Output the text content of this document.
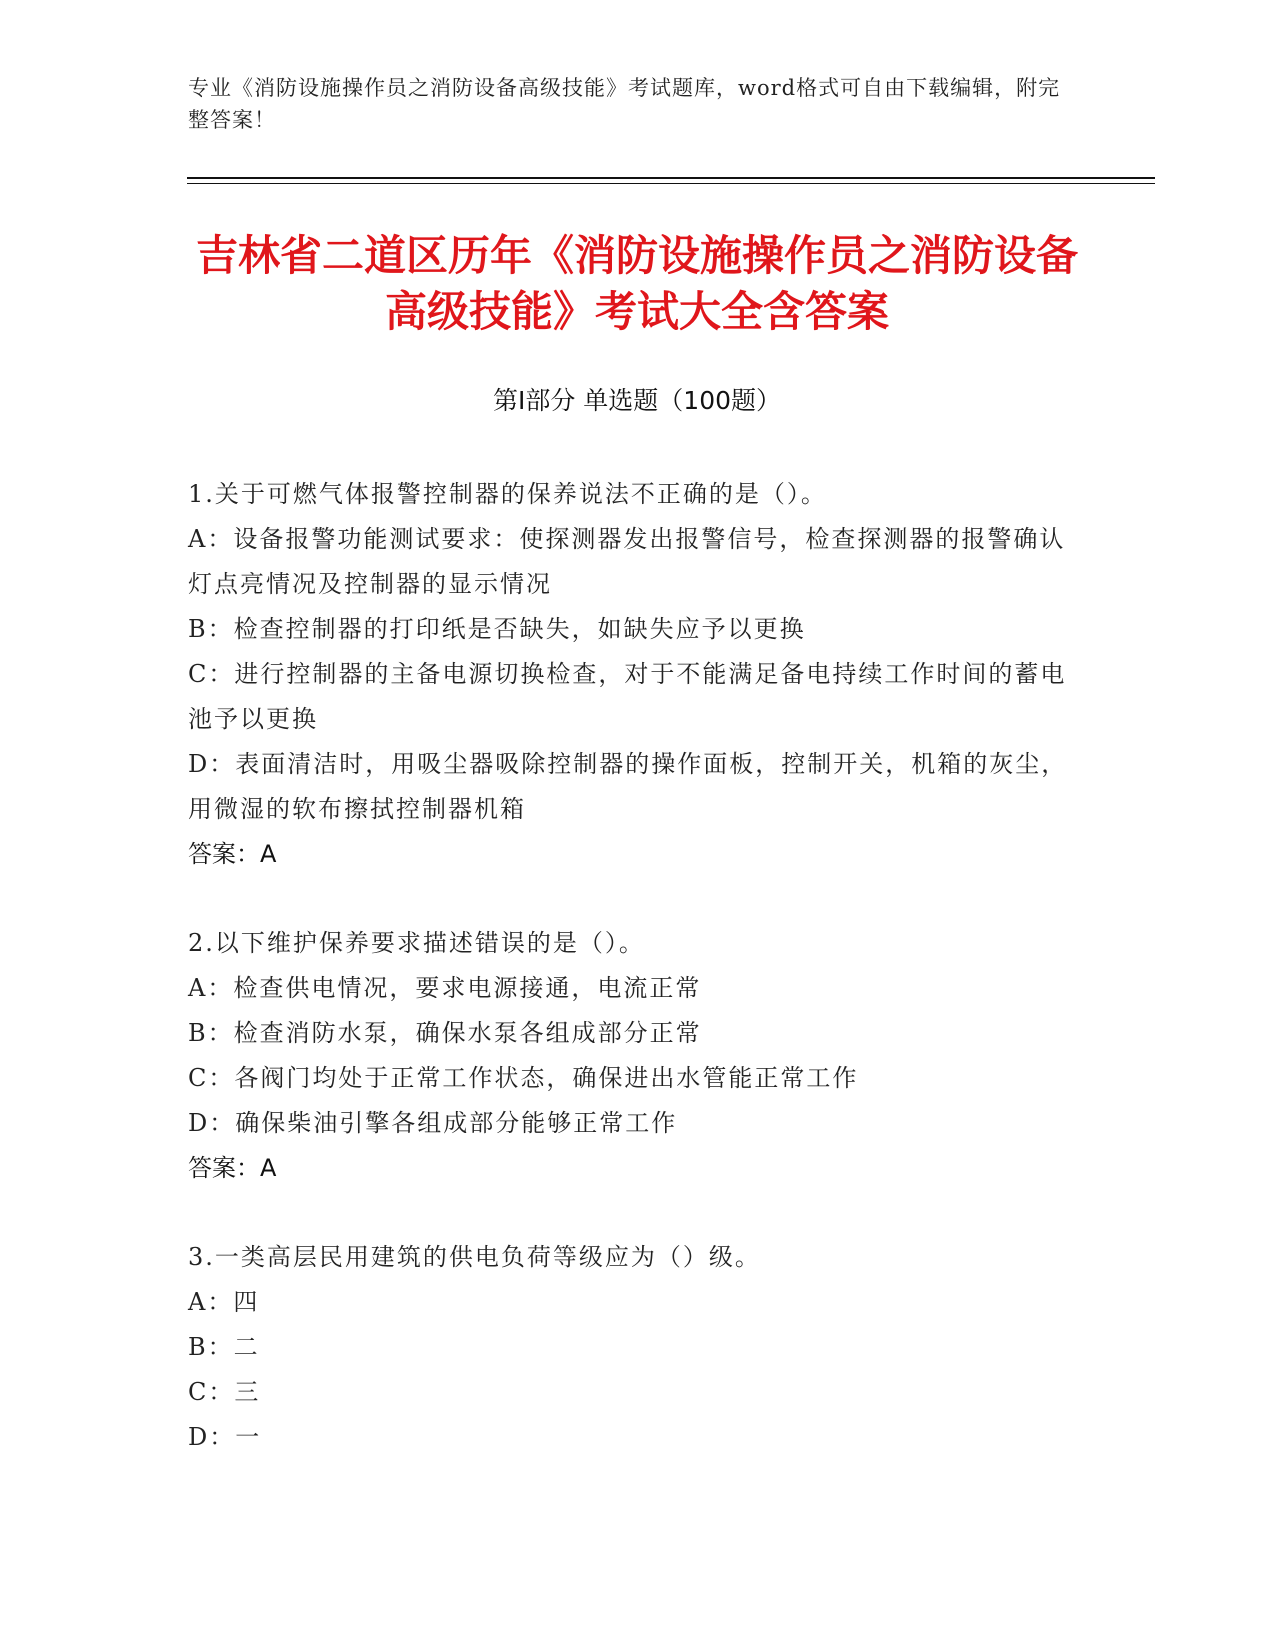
专业《消防设施操作员之消防设备高级技能》考试题库，word格式可自由下载编辑，附完整答案！
吉林省二道区历年《消防设施操作员之消防设备高级技能》考试大全含答案
第Ⅰ部分 单选题（100题）
1.关于可燃气体报警控制器的保养说法不正确的是（）。
A：设备报警功能测试要求：使探测器发出报警信号，检查探测器的报警确认灯点亮情况及控制器的显示情况
B：检查控制器的打印纸是否缺失，如缺失应予以更换
C：进行控制器的主备电源切换检查，对于不能满足备电持续工作时间的蓄电池予以更换
D：表面清洁时，用吸尘器吸除控制器的操作面板，控制开关，机箱的灰尘，用微湿的软布擦拭控制器机箱
答案：A
2.以下维护保养要求描述错误的是（）。
A：检查供电情况，要求电源接通，电流正常
B：检查消防水泵，确保水泵各组成部分正常
C：各阀门均处于正常工作状态，确保进出水管能正常工作
D：确保柴油引擎各组成部分能够正常工作
答案：A
3.一类高层民用建筑的供电负荷等级应为（）级。
A：四
B：二
C：三
D：一
